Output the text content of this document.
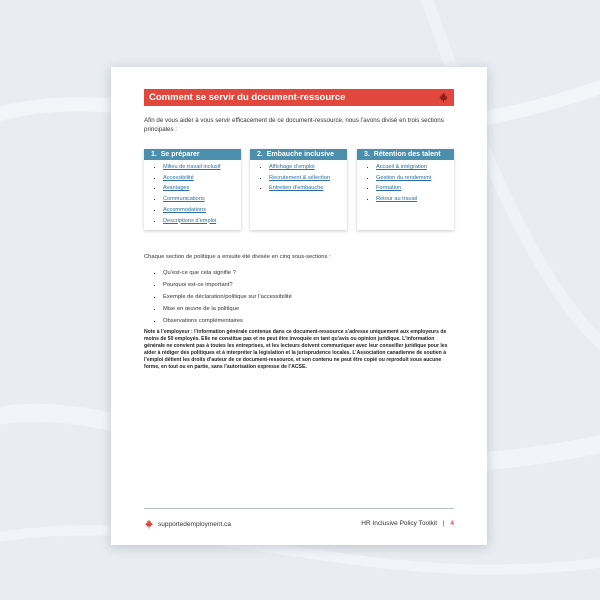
Comment se servir du document-ressource
Afin de vous aider à vous servir efficacement de ce document-ressource, nous l’avons divisé en trois sections principales :
1. Se préparer
▪ Milieu de travail inclusif
▪ Accessibilité
▪ Avantages
▪ Communications
▪ Accommodations
▪ Descriptions d’emploi
2. Embauche inclusive
▪ Affichage d’emploi
▪ Recrutement & sélection
▪ Entretien d’embauche
3. Rétention des talent
▪ Accueil & intégration
▪ Gestion du rendement
▪ Formation
▪ Retour au travail
Chaque section de politique a ensuite été divisée en cinq sous-sections :
▪ Qu’est-ce que cela signifie ?
▪ Pourquoi est-ce important?
▪ Exemple de déclaration/politique sur l’accessibilité
▪ Mise en œuvre de la politique
▪ Observations complémentaires
Note à l’employeur : l’information générale contenue dans ce document-ressource s’adresse uniquement aux employeurs de moins de 50 employés. Elle ne constitue pas et ne peut être invoquée en tant qu’avis ou opinion juridique. L’information générale ne convient pas à toutes les entreprises, et les lecteurs doivent communiquer avec leur conseiller juridique pour les aider à rédiger des politiques et à interpréter la législation et la jurisprudence locales. L’Association canadienne de soutien à l’emploi détient les droits d’auteur de ce document-ressource, et son contenu ne peut être copié ou reproduit sous aucune forme, en tout ou en partie, sans l’autorisation expresse de l’ACSE.
supportedemployment.ca	HR Inclusive Policy Toolkit | 4
